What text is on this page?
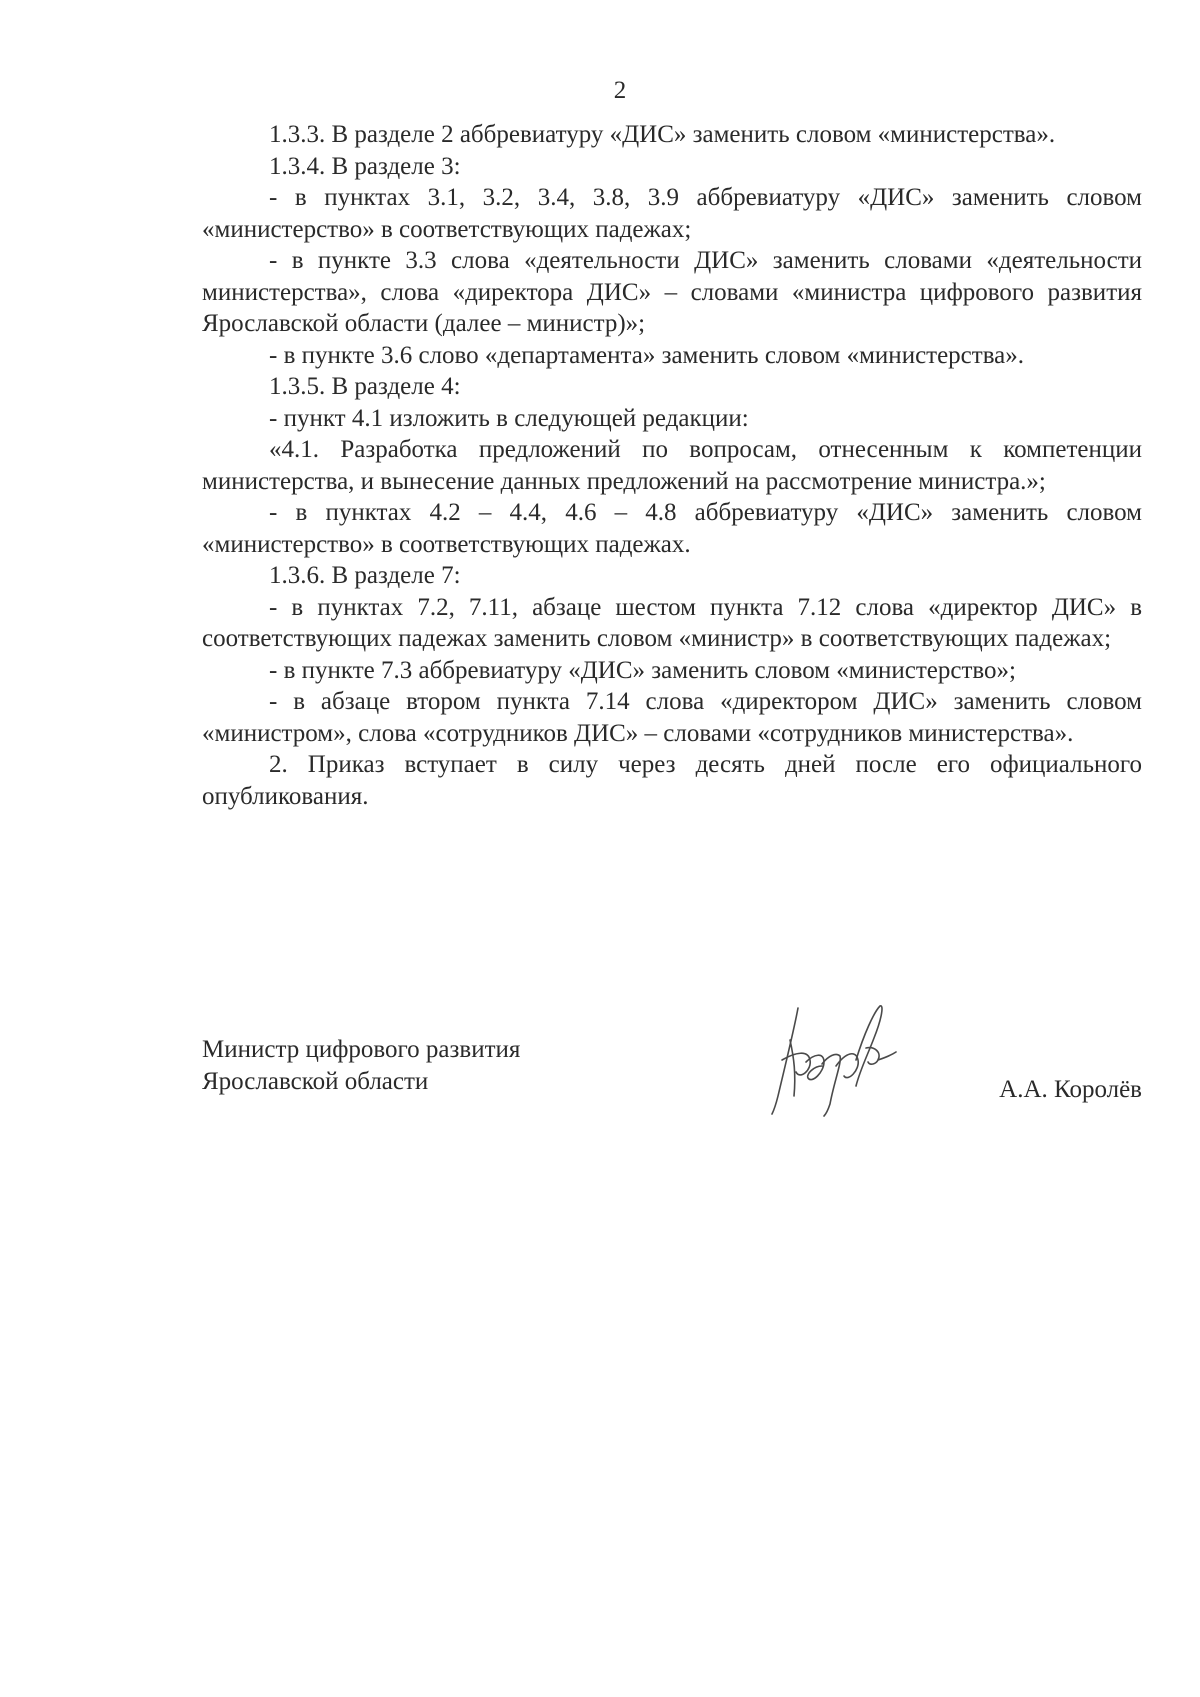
2

1.3.3. В разделе 2 аббревиатуру «ДИС» заменить словом «министерства».

1.3.4. В разделе 3:

- в пунктах 3.1, 3.2, 3.4, 3.8, 3.9 аббревиатуру «ДИС» заменить словом «министерство» в соответствующих падежах;

- в пункте 3.3 слова «деятельности ДИС» заменить словами «деятельности министерства», слова «директора ДИС» – словами «министра цифрового развития Ярославской области (далее – министр)»;

- в пункте 3.6 слово «департамента» заменить словом «министерства».

1.3.5. В разделе 4:

- пункт 4.1 изложить в следующей редакции:

«4.1. Разработка предложений по вопросам, отнесенным к компетенции министерства, и вынесение данных предложений на рассмотрение министра.»;

- в пунктах 4.2 – 4.4, 4.6 – 4.8 аббревиатуру «ДИС» заменить словом «министерство» в соответствующих падежах.

1.3.6. В разделе 7:

- в пунктах 7.2, 7.11, абзаце шестом пункта 7.12 слова «директор ДИС» в соответствующих падежах заменить словом «министр» в соответствующих падежах;

- в пункте 7.3 аббревиатуру «ДИС» заменить словом «министерство»;

- в абзаце втором пункта 7.14 слова «директором ДИС» заменить словом «министром», слова «сотрудников ДИС» – словами «сотрудников министерства».

2. Приказ вступает в силу через десять дней после его официального опубликования.

Министр цифрового развития
Ярославской области	А.А. Королёв
